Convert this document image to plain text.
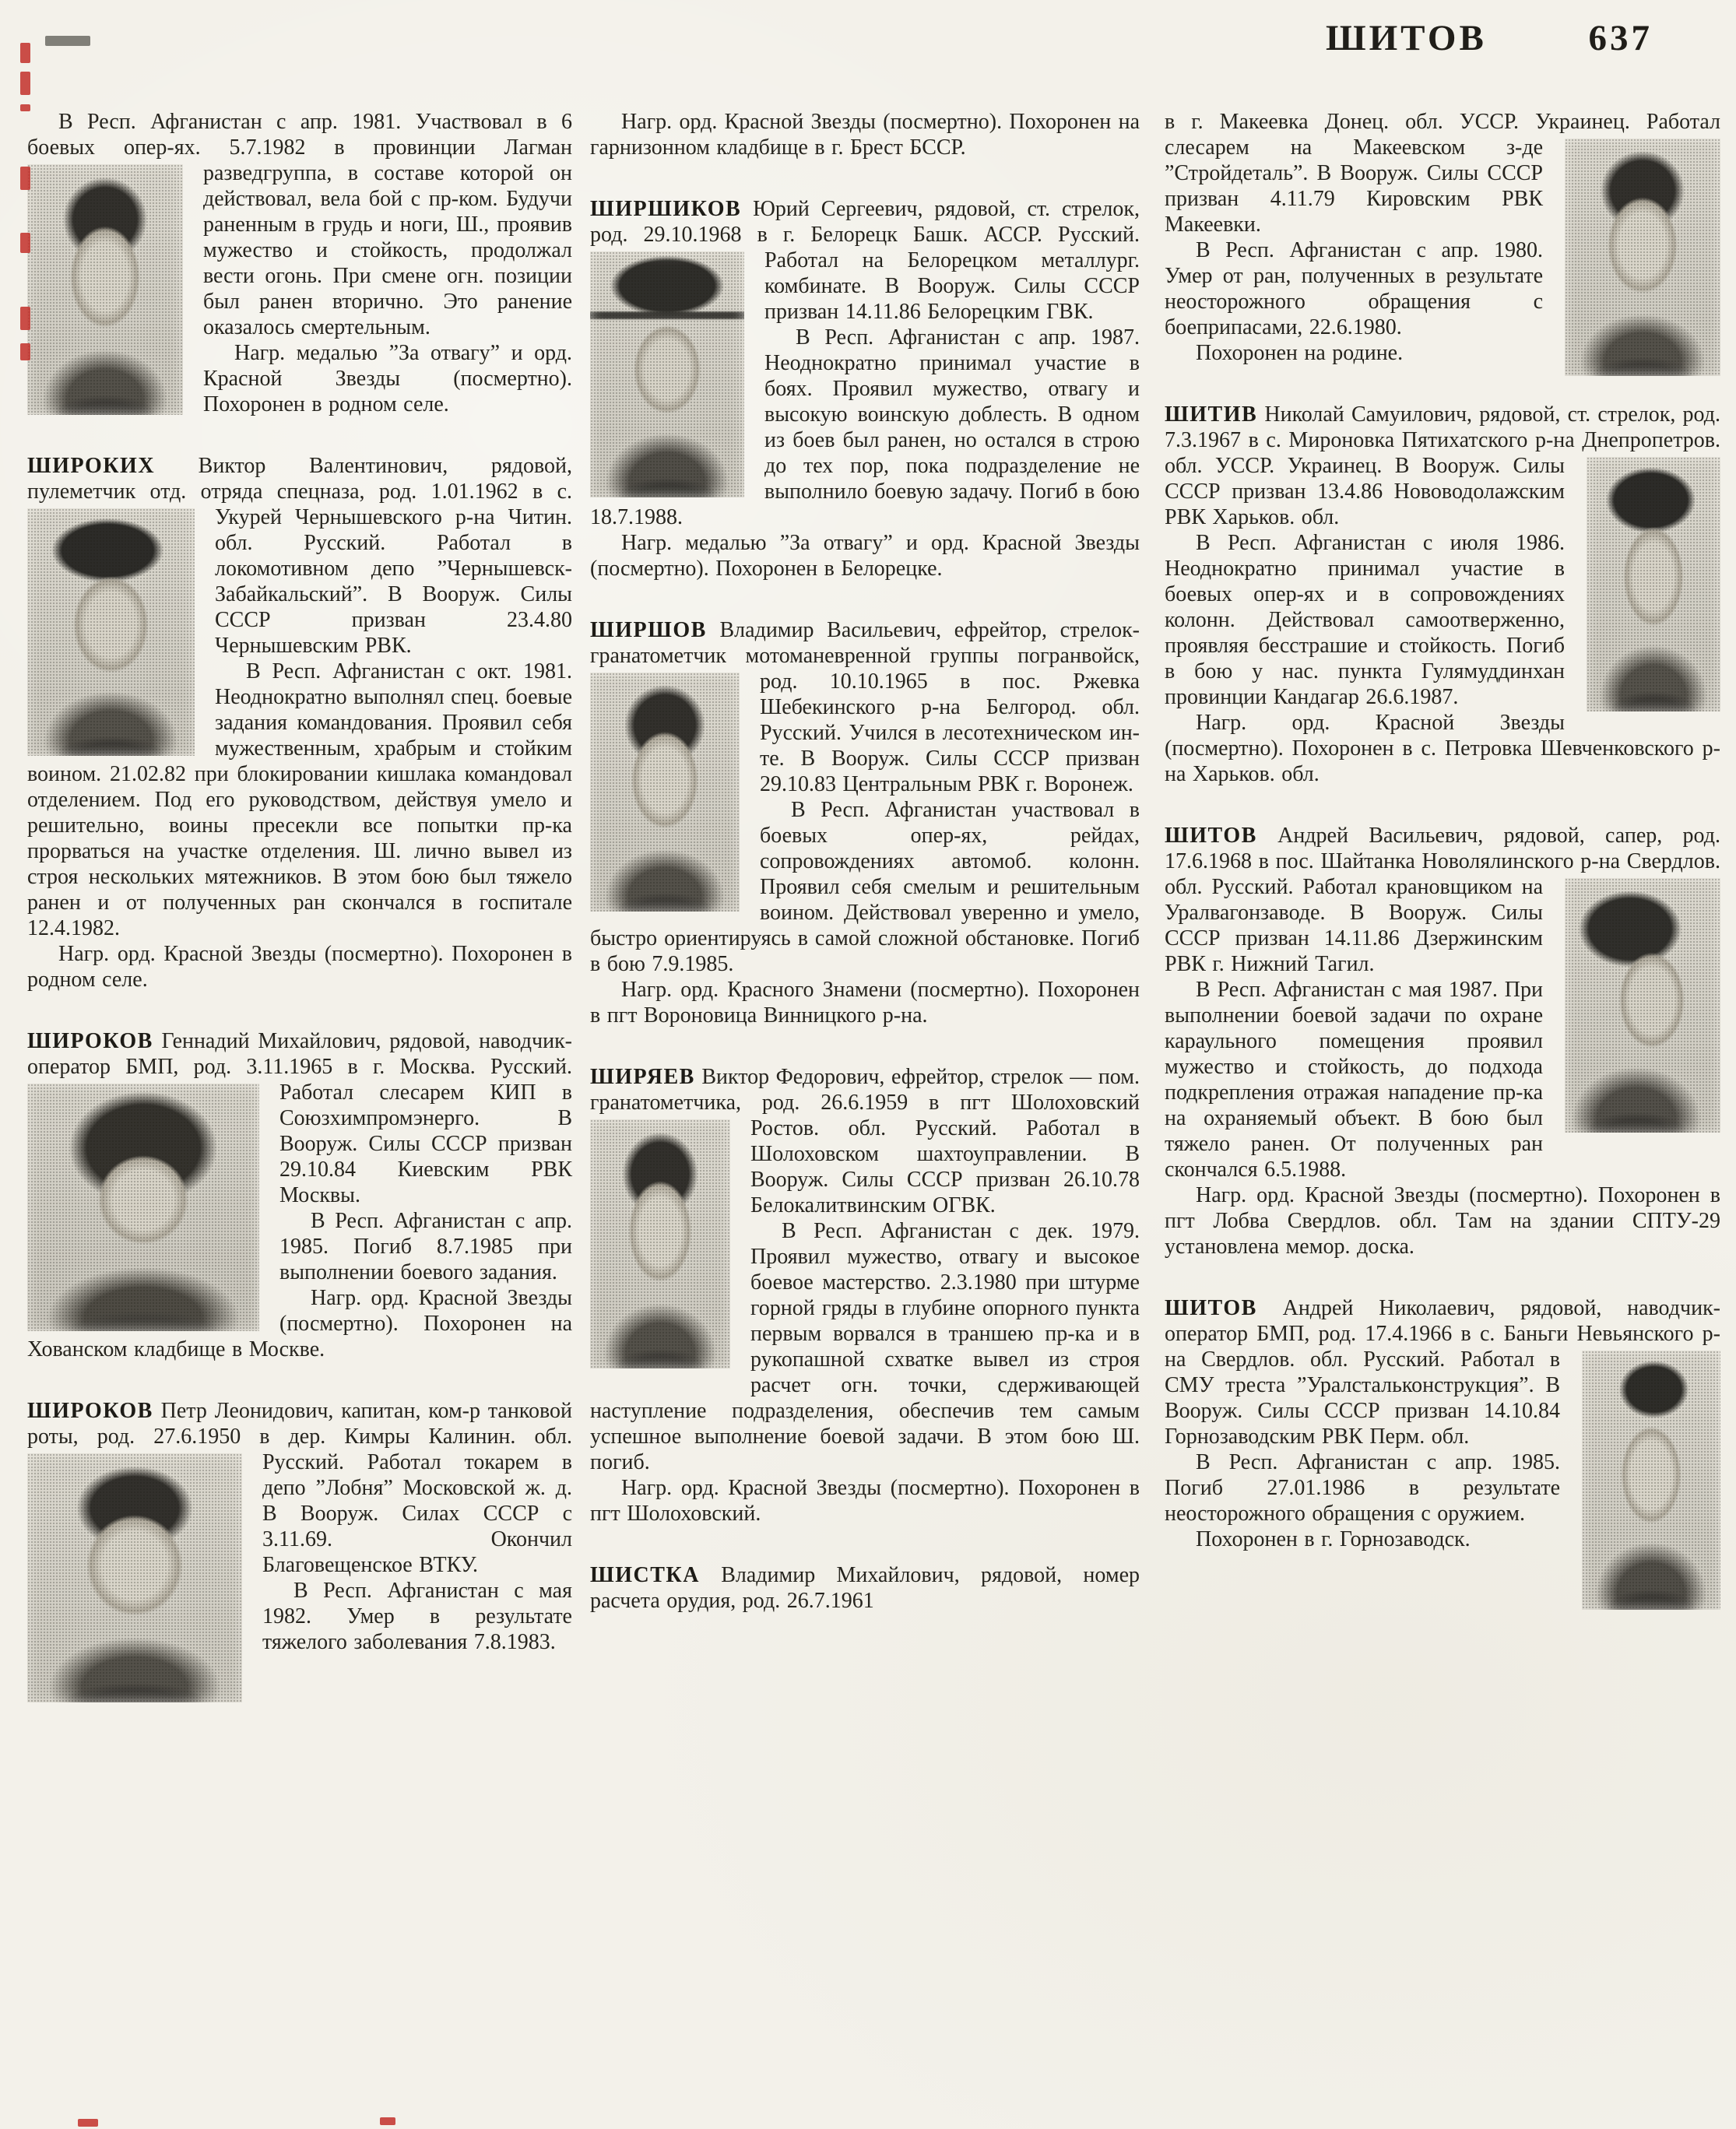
ШИТОВ	637

В Респ. Афганистан с апр. 1981. Участвовал в 6 боевых опер-ях. 5.7.1982 в провинции Лагман разведгруппа, в составе которой он действовал, вела бой с пр-ком. Будучи раненным в грудь и ноги, Ш., проявив мужество и стойкость, продолжал вести огонь. При смене огн. позиции был ранен вторично. Это ранение оказалось смертельным.

Нагр. медалью ”За отвагу” и орд. Красной Звезды (посмертно). Похоронен в родном селе.

ШИРОКИХ Виктор Валентинович, рядовой, пулеметчик отд. отряда спецназа, род. 1.01.1962 в с. Укурей Чернышевского р-на Читин. обл. Русский. Работал в локомотивном депо ”Чернышевск-Забайкальский”. В Вооруж. Силы СССР призван 23.4.80 Чернышевским РВК.

В Респ. Афганистан с окт. 1981. Неоднократно выполнял спец. боевые задания командования. Проявил себя мужественным, храбрым и стойким воином. 21.02.82 при блокировании кишлака командовал отделением. Под его руководством, действуя умело и решительно, воины пресекли все попытки пр-ка прорваться на участке отделения. Ш. лично вывел из строя нескольких мятежников. В этом бою был тяжело ранен и от полученных ран скончался в госпитале 12.4.1982.

Нагр. орд. Красной Звезды (посмертно). Похоронен в родном селе.

ШИРОКОВ Геннадий Михайлович, рядовой, наводчик-оператор БМП, род. 3.11.1965 в г. Москва. Русский. Работал слесарем КИП в Союзхимпромэнерго. В Вооруж. Силы СССР призван 29.10.84 Киевским РВК Москвы.

В Респ. Афганистан с апр. 1985. Погиб 8.7.1985 при выполнении боевого задания.

Нагр. орд. Красной Звезды (посмертно). Похоронен на Хованском кладбище в Москве.

ШИРОКОВ Петр Леонидович, капитан, ком-р танковой роты, род. 27.6.1950 в дер. Кимры Калинин. обл. Русский. Работал токарем в депо ”Лобня” Московской ж. д. В Вооруж. Силах СССР с 3.11.69. Окончил Благовещенское ВТКУ.

В Респ. Афганистан с мая 1982. Умер в результате тяжелого заболевания 7.8.1983.

Нагр. орд. Красной Звезды (посмертно). Похоронен на гарнизонном кладбище в г. Брест БССР.

ШИРШИКОВ Юрий Сергеевич, рядовой, ст. стрелок, род. 29.10.1968 в г. Белорецк Башк. АССР. Русский. Работал на Белорецком металлург. комбинате. В Вооруж. Силы СССР призван 14.11.86 Белорецким ГВК.

В Респ. Афганистан с апр. 1987. Неоднократно принимал участие в боях. Проявил мужество, отвагу и высокую воинскую доблесть. В одном из боев был ранен, но остался в строю до тех пор, пока подразделение не выполнило боевую задачу. Погиб в бою 18.7.1988.

Нагр. медалью ”За отвагу” и орд. Красной Звезды (посмертно). Похоронен в Белорецке.

ШИРШОВ Владимир Васильевич, ефрейтор, стрелок-гранатометчик мотоманевренной группы погранвойск, род. 10.10.1965 в пос. Ржевка Шебекинского р-на Белгород. обл. Русский. Учился в лесотехническом ин-те. В Вооруж. Силы СССР призван 29.10.83 Центральным РВК г. Воронеж.

В Респ. Афганистан участвовал в боевых опер-ях, рейдах, сопровождениях автомоб. колонн. Проявил себя смелым и решительным воином. Действовал уверенно и умело, быстро ориентируясь в самой сложной обстановке. Погиб в бою 7.9.1985.

Нагр. орд. Красного Знамени (посмертно). Похоронен в пгт Вороновица Винницкого р-на.

ШИРЯЕВ Виктор Федорович, ефрейтор, стрелок — пом. гранатометчика, род. 26.6.1959 в пгт Шолоховский Ростов. обл. Русский. Работал в Шолоховском шахтоуправлении. В Вооруж. Силы СССР призван 26.10.78 Белокалитвинским ОГВК.

В Респ. Афганистан с дек. 1979. Проявил мужество, отвагу и высокое боевое мастерство. 2.3.1980 при штурме горной гряды в глубине опорного пункта первым ворвался в траншею пр-ка и в рукопашной схватке вывел из строя расчет огн. точки, сдерживающей наступление подразделения, обеспечив тем самым успешное выполнение боевой задачи. В этом бою Ш. погиб.

Нагр. орд. Красной Звезды (посмертно). Похоронен в пгт Шолоховский.

ШИСТКА Владимир Михайлович, рядовой, номер расчета орудия, род. 26.7.1961

в г. Макеевка Донец. обл. УССР. Украинец. Работал слесарем на Макеевском з-де ”Стройдеталь”. В Вооруж. Силы СССР призван 4.11.79 Кировским РВК Макеевки.

В Респ. Афганистан с апр. 1980. Умер от ран, полученных в результате неосторожного обращения с боеприпасами, 22.6.1980.

Похоронен на родине.

ШИТИВ Николай Самуилович, рядовой, ст. стрелок, род. 7.3.1967 в с. Мироновка Пятихатского р-на Днепропетров. обл. УССР. Украинец. В Вооруж. Силы СССР призван 13.4.86 Нововодолажским РВК Харьков. обл.

В Респ. Афганистан с июля 1986. Неоднократно принимал участие в боевых опер-ях и в сопровождениях колонн. Действовал самоотверженно, проявляя бесстрашие и стойкость. Погиб в бою у нас. пункта Гулямуддинхан провинции Кандагар 26.6.1987.

Нагр. орд. Красной Звезды (посмертно). Похоронен в с. Петровка Шевченковского р-на Харьков. обл.

ШИТОВ Андрей Васильевич, рядовой, сапер, род. 17.6.1968 в пос. Шайтанка Новолялинского р-на Свердлов. обл. Русский. Работал крановщиком на Уралвагонзаводе. В Вооруж. Силы СССР призван 14.11.86 Дзержинским РВК г. Нижний Тагил.

В Респ. Афганистан с мая 1987. При выполнении боевой задачи по охране караульного помещения проявил мужество и стойкость, до подхода подкрепления отражая нападение пр-ка на охраняемый объект. В бою был тяжело ранен. От полученных ран скончался 6.5.1988.

Нагр. орд. Красной Звезды (посмертно). Похоронен в пгт Лобва Свердлов. обл. Там на здании СПТУ-29 установлена мемор. доска.

ШИТОВ Андрей Николаевич, рядовой, наводчик-оператор БМП, род. 17.4.1966 в с. Баньги Невьянского р-на Свердлов. обл. Русский. Работал в СМУ треста ”Уралстальконструкция”. В Вооруж. Силы СССР призван 14.10.84 Горнозаводским РВК Перм. обл.

В Респ. Афганистан с апр. 1985. Погиб 27.01.1986 в результате неосторожного обращения с оружием.

Похоронен в г. Горнозаводск.
